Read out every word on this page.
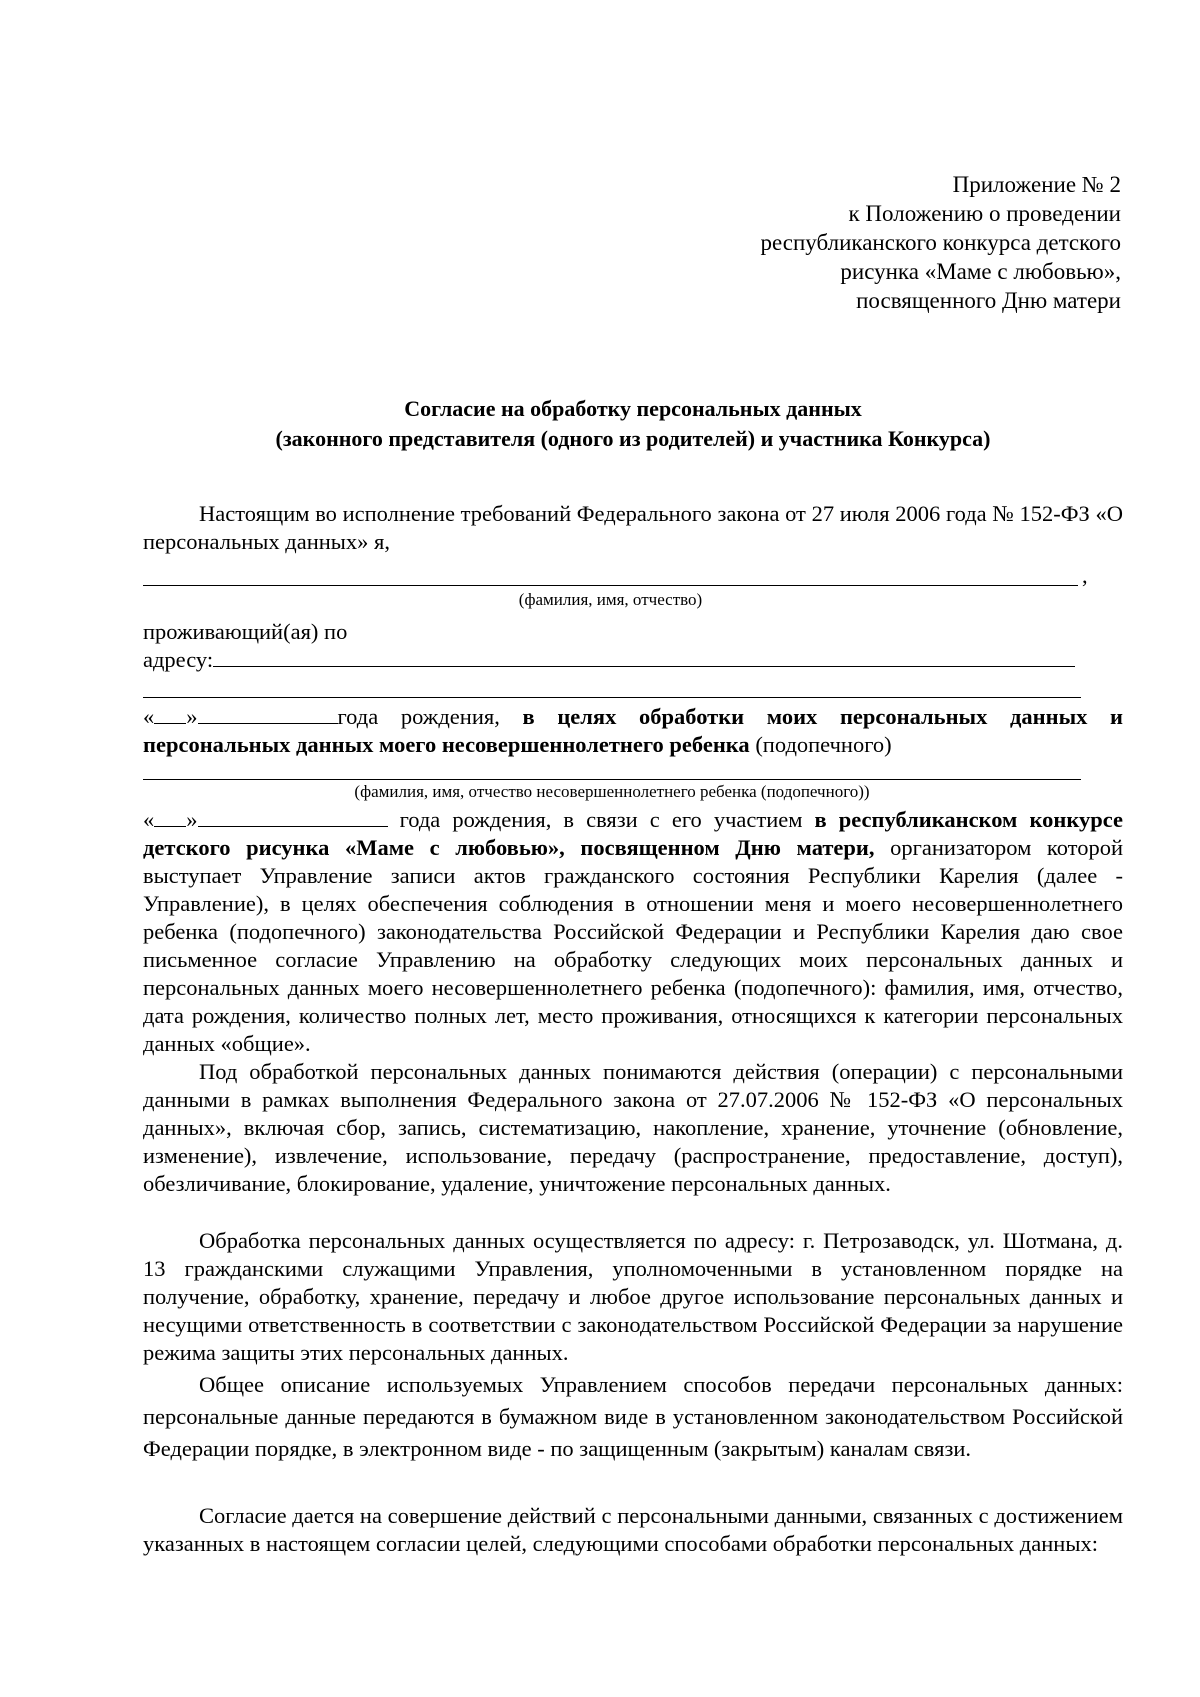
Приложение № 2
к Положению о проведении
республиканского конкурса детского
рисунка «Маме с любовью»,
посвященного Дню матери
Согласие на обработку персональных данных
(законного представителя (одного из родителей) и участника Конкурса)
Настоящим во исполнение требований Федерального закона от 27 июля 2006 года № 152-ФЗ «О персональных данных» я,
,
(фамилия, имя, отчество)
проживающий(ая) по
адресу:
« »	года рождения, в целях обработки моих персональных данных и персональных данных моего несовершеннолетнего ребенка (подопечного)
(фамилия, имя, отчество несовершеннолетнего ребенка (подопечного))
« »	года рождения, в связи с его участием в республиканском конкурсе детского рисунка «Маме с любовью», посвященном Дню матери, организатором которой выступает Управление записи актов гражданского состояния Республики Карелия (далее - Управление), в целях обеспечения соблюдения в отношении меня и моего несовершеннолетнего ребенка (подопечного) законодательства Российской Федерации и Республики Карелия даю свое письменное согласие Управлению на обработку следующих моих персональных данных и персональных данных моего несовершеннолетнего ребенка (подопечного): фамилия, имя, отчество, дата рождения, количество полных лет, место проживания, относящихся к категории персональных данных «общие».
Под обработкой персональных данных понимаются действия (операции) с персональными данными в рамках выполнения Федерального закона от 27.07.2006 № 152-ФЗ «О персональных данных», включая сбор, запись, систематизацию, накопление, хранение, уточнение (обновление, изменение), извлечение, использование, передачу (распространение, предоставление, доступ), обезличивание, блокирование, удаление, уничтожение персональных данных.
Обработка персональных данных осуществляется по адресу: г. Петрозаводск, ул. Шотмана, д. 13 гражданскими служащими Управления, уполномоченными в установленном порядке на получение, обработку, хранение, передачу и любое другое использование персональных данных и несущими ответственность в соответствии с законодательством Российской Федерации за нарушение режима защиты этих персональных данных.
Общее описание используемых Управлением способов передачи персональных данных: персональные данные передаются в бумажном виде в установленном законодательством Российской Федерации порядке, в электронном виде - по защищенным (закрытым) каналам связи.
Согласие дается на совершение действий с персональными данными, связанных с достижением указанных в настоящем согласии целей, следующими способами обработки персональных данных:
